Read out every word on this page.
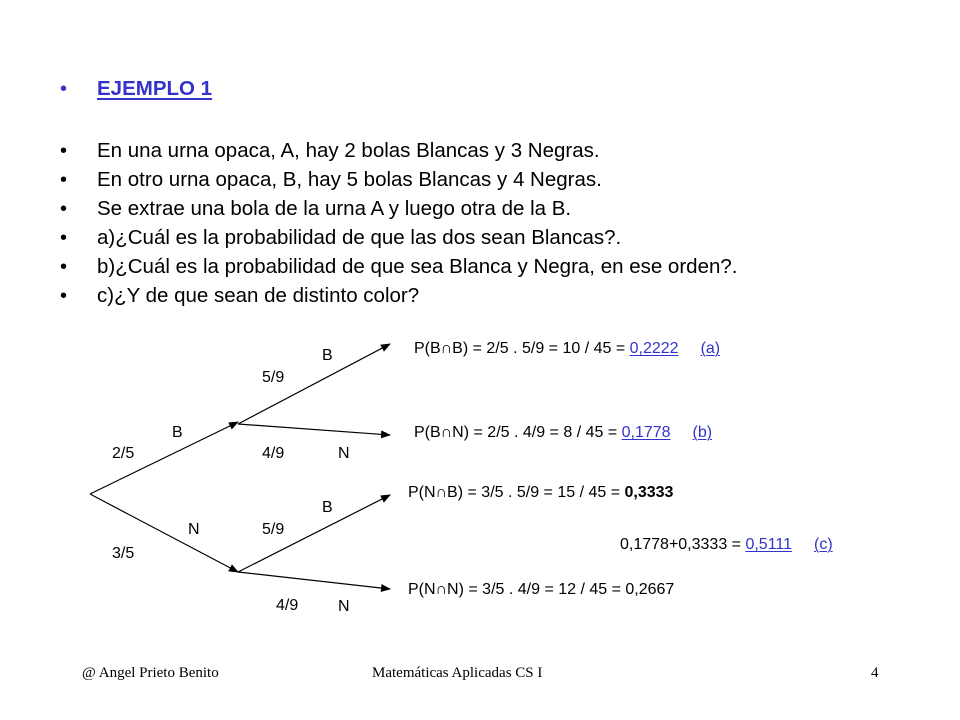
•	EJEMPLO 1
•	En una urna opaca, A, hay 2 bolas Blancas y 3 Negras.
•	En otro urna opaca, B, hay 5 bolas Blancas y 4 Negras.
•	Se extrae una bola de la urna A y luego otra de la B.
•	a)¿Cuál es la probabilidad de que las dos sean Blancas?.
•	b)¿Cuál es la probabilidad de que sea Blanca y Negra, en ese orden?.
•	c)¿Y de que sean de distinto color?
B
2/5
N
3/5
B
5/9
4/9	N
B
5/9
4/9 N
P(B∩B) = 2/5 . 5/9 = 10 / 45 = 0,2222 (a)
P(B∩N) = 2/5 . 4/9 = 8 / 45 = 0,1778 (b)
P(N∩B) = 3/5 . 5/9 = 15 / 45 = 0,3333
0,1778+0,3333 = 0,5111 (c)
P(N∩N) = 3/5 . 4/9 = 12 / 45 = 0,2667
@ Angel Prieto Benito	Matemáticas Aplicadas CS I	4
